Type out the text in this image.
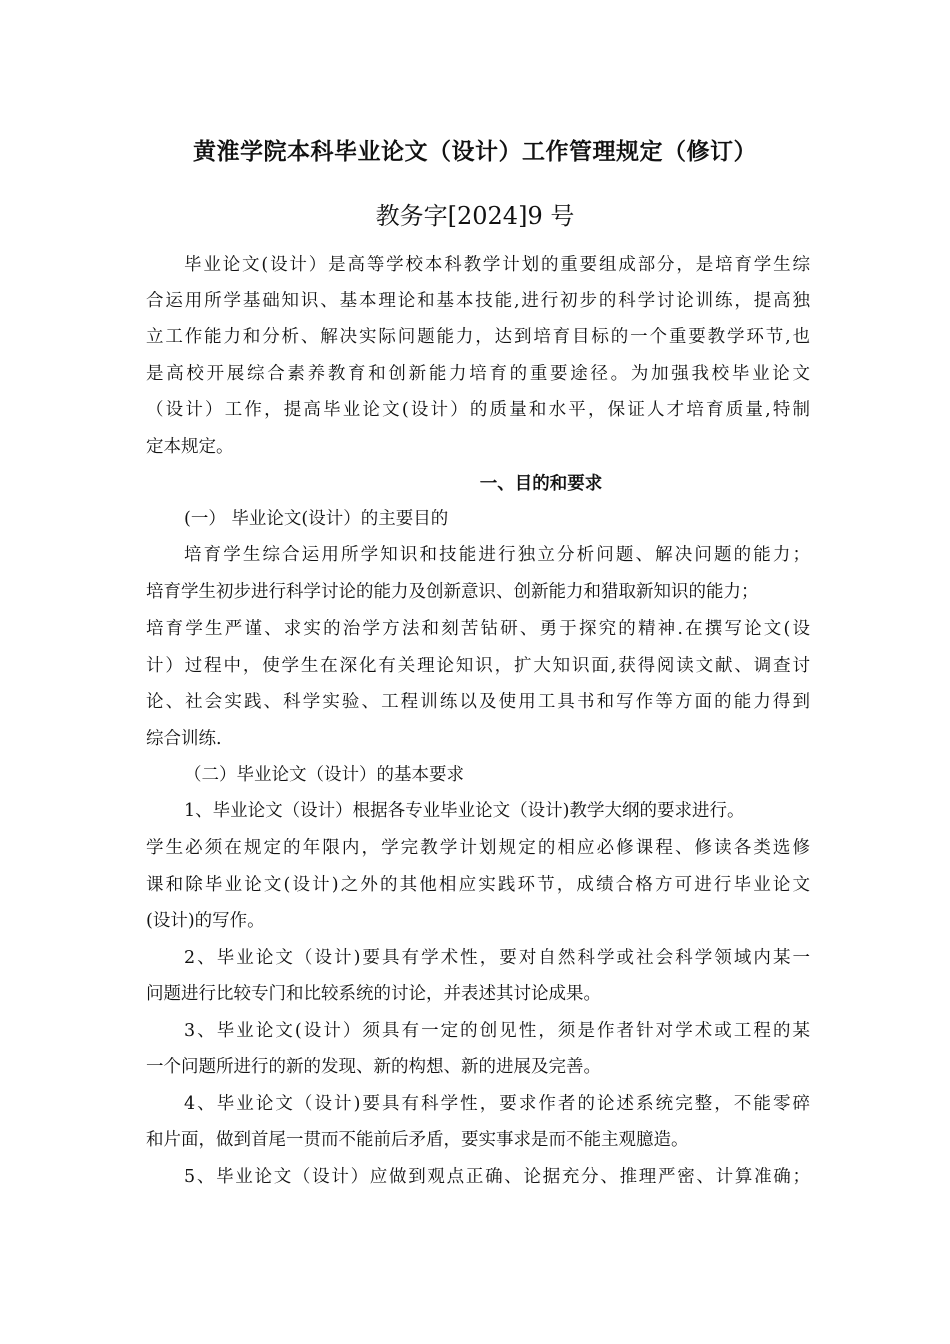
黄淮学院本科毕业论文（设计）工作管理规定（修订）
教务字[2024]9 号
毕业论文(设计）是高等学校本科教学计划的重要组成部分，是培育学生综
合运用所学基础知识、基本理论和基本技能,进行初步的科学讨论训练，提高独
立工作能力和分析、解决实际问题能力，达到培育目标的一个重要教学环节,也
是高校开展综合素养教育和创新能力培育的重要途径。为加强我校毕业论文
（设计）工作，提高毕业论文(设计）的质量和水平，保证人才培育质量,特制
定本规定。
一、目的和要求
(一） 毕业论文(设计）的主要目的
培育学生综合运用所学知识和技能进行独立分析问题、解决问题的能力；
培育学生初步进行科学讨论的能力及创新意识、创新能力和猎取新知识的能力；
培育学生严谨、求实的治学方法和刻苦钻研、勇于探究的精神.在撰写论文(设
计）过程中，使学生在深化有关理论知识，扩大知识面,获得阅读文献、调查讨
论、社会实践、科学实验、工程训练以及使用工具书和写作等方面的能力得到
综合训练.
（二）毕业论文（设计）的基本要求
1、毕业论文（设计）根据各专业毕业论文（设计)教学大纲的要求进行。
学生必须在规定的年限内，学完教学计划规定的相应必修课程、修读各类选修
课和除毕业论文(设计)之外的其他相应实践环节，成绩合格方可进行毕业论文
(设计)的写作。
2、毕业论文（设计)要具有学术性，要对自然科学或社会科学领域内某一
问题进行比较专门和比较系统的讨论，并表述其讨论成果。
3、毕业论文(设计）须具有一定的创见性，须是作者针对学术或工程的某
一个问题所进行的新的发现、新的构想、新的进展及完善。
4、毕业论文（设计)要具有科学性，要求作者的论述系统完整，不能零碎
和片面，做到首尾一贯而不能前后矛盾，要实事求是而不能主观臆造。
5、毕业论文（设计）应做到观点正确、论据充分、推理严密、计算准确；
